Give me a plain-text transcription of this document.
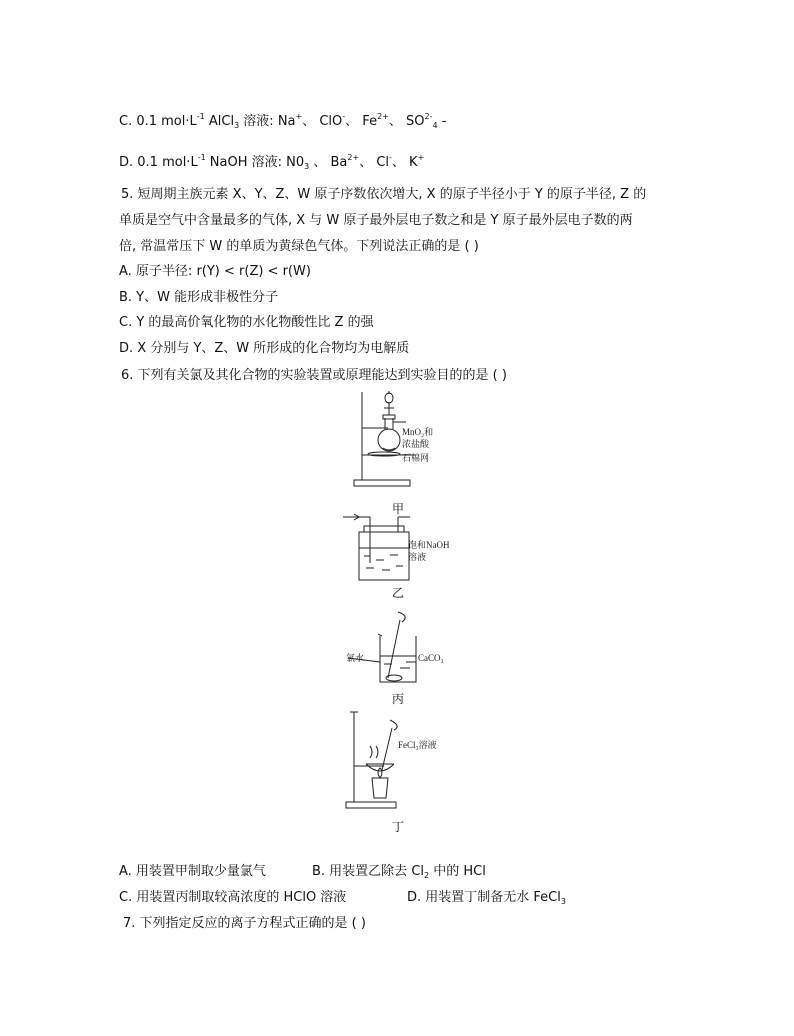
C. 0.1 $mol\cdot L^{-1}$ AlCl$_3$ 溶液: Na+、 ClO-、 $Fe^{2+}$、 $SO^{2-}_4$ -
D. 0.1 $mol\cdot L^{-1}$ NaOH 溶液: $N0_3$ 、 $Ba^{2+}$、 Cl-、 K+
5. 短周期主族元素 X、Y、Z、W 原子序数依次增大, X 的原子半径小于 Y 的原子半径, Z 的
单质是空气中含量最多的气体, X 与 W 原子最外层电子数之和是 Y 原子最外层电子数的两
倍, 常温常压下 W 的单质为黄绿色气体。下列说法正确的是 ( )
A. 原子半径: r(Y) < r(Z) < r(W)
B. Y、W 能形成非极性分子
C. Y 的最高价氧化物的水化物酸性比 Z 的强
D. X 分别与 Y、Z、W 所形成的化合物均为电解质
6. 下列有关氯及其化合物的实验装置或原理能达到实验目的的是 ( )
MnO₂和
浓盐酸
石棉网
甲
饱和NaOH
溶液
乙
氯水	CaCO₃
丙
FeCl₃溶液
丁
A. 用装置甲制取少量氯气	B. 用装置乙除去 $Cl_2$ 中的 HCl
C. 用装置丙制取较高浓度的 HClO 溶液	D. 用装置丁制备无水 FeCl$_3$
7. 下列指定反应的离子方程式正确的是 ( )
